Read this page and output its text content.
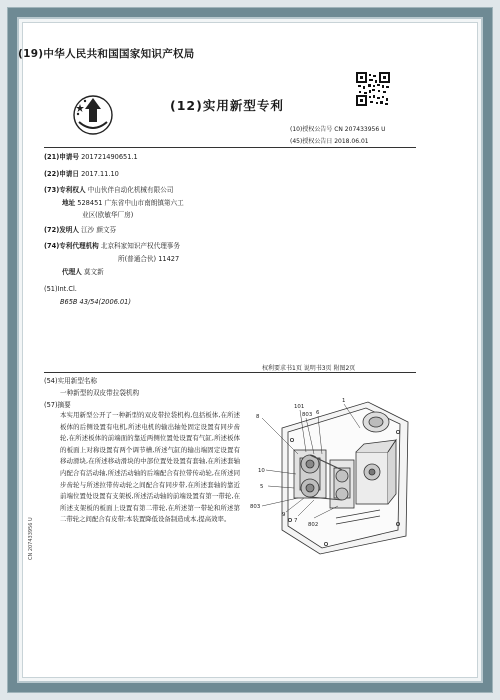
(19)中华人民共和国国家知识产权局
(12)实用新型专利
(10)授权公告号 CN 207433956 U
(45)授权公告日 2018.06.01
(21)申请号 201721490651.1
(22)申请日 2017.11.10
(73)专利权人 中山伙伴自动化机械有限公司
地址 528451 广东省中山市南朗镇第六工
业区(欧敏华厂房)
(72)发明人 江沙 颜文芬
(74)专利代理机构 北京科家知识产权代理事务
所(普通合伙) 11427
代理人 莫文新
(51)Int.Cl.
B65B 43/54(2006.01)
权利要求书1页 说明书3页 附图2页
(54)实用新型名称
一种新型的双皮带拉袋机构
(57)摘要
本实用新型公开了一种新型的双皮带拉袋机构,包括板体,在所述板体的后侧设置有电机,所述电机的输出轴处固定设置有同步齿轮,在所述板体的前端面的靠近两侧位置处设置有气缸,所述板体的板面上对称设置有两个调节槽,所述气缸的输出端固定设置有移动滑块,在所述移动滑块的中部位置处设置有套轴,在所述套轴内配合有活动轴,所述活动轴的后端配合有拉带传动轮,在所述同步齿轮与所述拉带传动轮之间配合有同步带,在所述套轴的靠近前端位置处设置有支架板,所述活动轴的前端设置有第一带轮,在所述支架板的板面上设置有第二带轮,在所述第一带轮和所述第二带轮之间配合有皮带;本装置降低设备制造成本,提高效率。
CN 207433956 U
8
101
803 6
1
10
5
803
9
7
802
